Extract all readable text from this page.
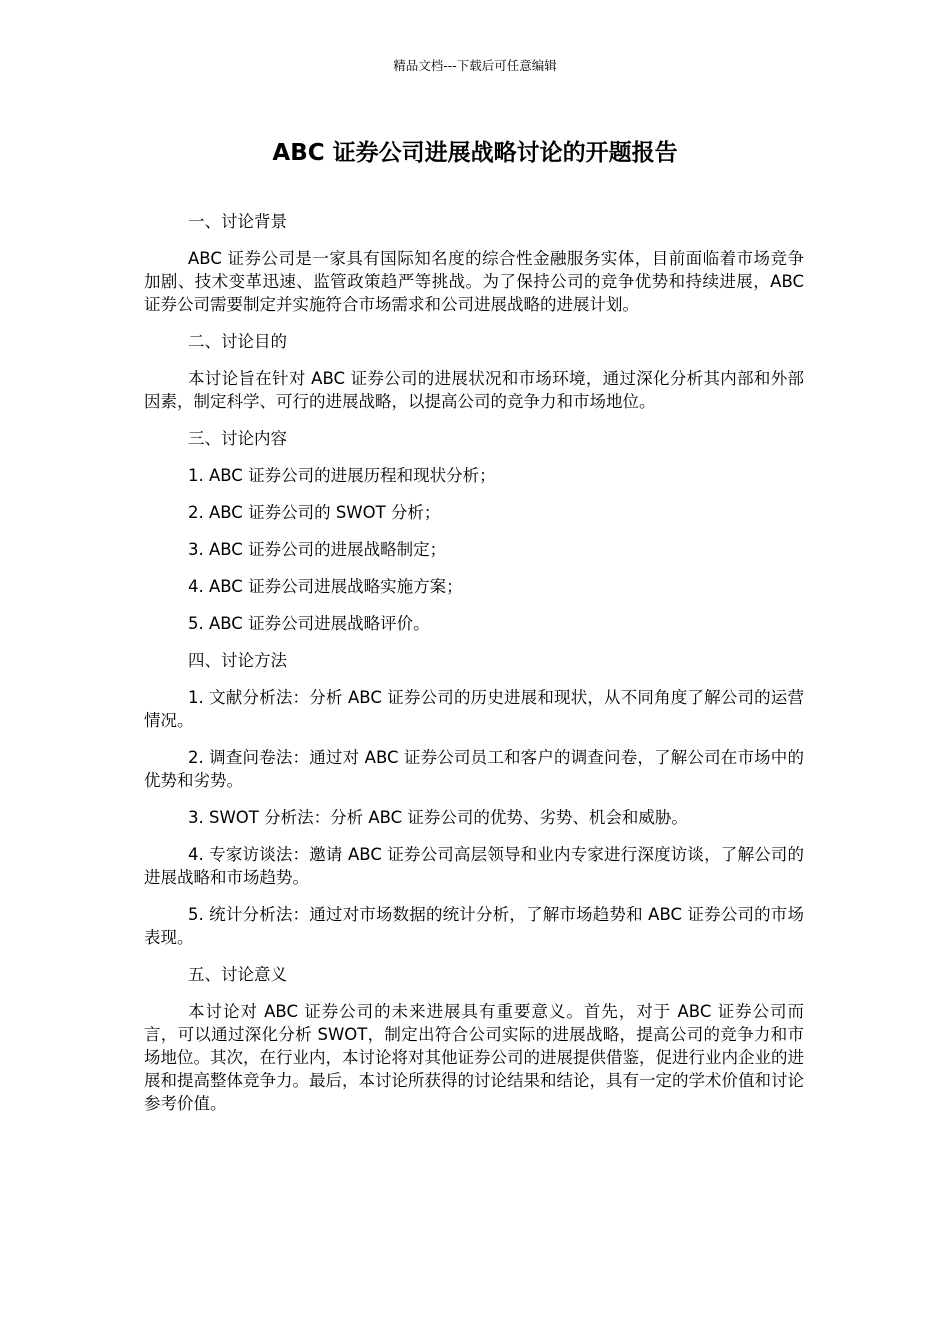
精品文档---下载后可任意编辑
ABC 证券公司进展战略讨论的开题报告

一、讨论背景

ABC 证券公司是一家具有国际知名度的综合性金融服务实体，目前面临着市场竞争加剧、技术变革迅速、监管政策趋严等挑战。为了保持公司的竞争优势和持续进展，ABC 证券公司需要制定并实施符合市场需求和公司进展战略的进展计划。

二、讨论目的

本讨论旨在针对 ABC 证券公司的进展状况和市场环境，通过深化分析其内部和外部因素，制定科学、可行的进展战略，以提高公司的竞争力和市场地位。

三、讨论内容

1. ABC 证券公司的进展历程和现状分析；

2. ABC 证券公司的 SWOT 分析；

3. ABC 证券公司的进展战略制定；

4. ABC 证券公司进展战略实施方案；

5. ABC 证券公司进展战略评价。

四、讨论方法

1. 文献分析法：分析 ABC 证券公司的历史进展和现状，从不同角度了解公司的运营情况。

2. 调查问卷法：通过对 ABC 证券公司员工和客户的调查问卷，了解公司在市场中的优势和劣势。

3. SWOT 分析法：分析 ABC 证券公司的优势、劣势、机会和威胁。

4. 专家访谈法：邀请 ABC 证券公司高层领导和业内专家进行深度访谈，了解公司的进展战略和市场趋势。

5. 统计分析法：通过对市场数据的统计分析，了解市场趋势和 ABC 证券公司的市场表现。

五、讨论意义

本讨论对 ABC 证券公司的未来进展具有重要意义。首先，对于 ABC 证券公司而言，可以通过深化分析 SWOT，制定出符合公司实际的进展战略，提高公司的竞争力和市场地位。其次，在行业内，本讨论将对其他证券公司的进展提供借鉴，促进行业内企业的进展和提高整体竞争力。最后，本讨论所获得的讨论结果和结论，具有一定的学术价值和讨论参考价值。
